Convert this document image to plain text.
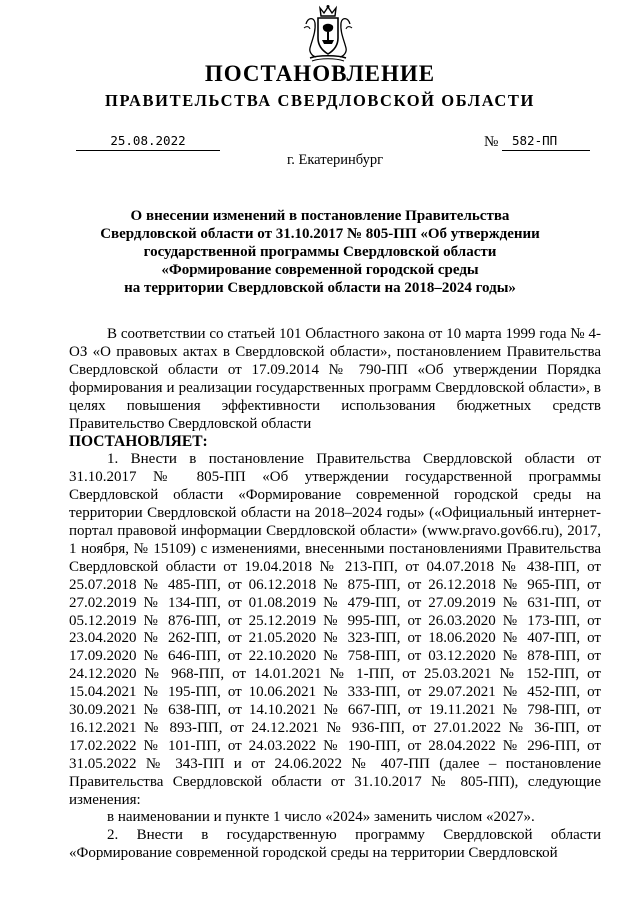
ПОСТАНОВЛЕНИЕ
ПРАВИТЕЛЬСТВА СВЕРДЛОВСКОЙ ОБЛАСТИ
25.08.2022	№	582-ПП
г. Екатеринбург
О внесении изменений в постановление Правительства
Свердловской области от 31.10.2017 № 805-ПП «Об утверждении
государственной программы Свердловской области
«Формирование современной городской среды
на территории Свердловской области на 2018–2024 годы»

В соответствии со статьей 101 Областного закона от 10 марта 1999 года № 4-ОЗ «О правовых актах в Свердловской области», постановлением Правительства Свердловской области от 17.09.2014 № 790-ПП «Об утверждении Порядка формирования и реализации государственных программ Свердловской области», в целях повышения эффективности использования бюджетных средств Правительство Свердловской области

ПОСТАНОВЛЯЕТ:

1. Внести в постановление Правительства Свердловской области от 31.10.2017 № 805-ПП «Об утверждении государственной программы Свердловской области «Формирование современной городской среды на территории Свердловской области на 2018–2024 годы» («Официальный интернет-портал правовой информации Свердловской области» (www.pravo.gov66.ru), 2017, 1 ноября, № 15109) с изменениями, внесенными постановлениями Правительства Свердловской области от 19.04.2018 № 213-ПП, от 04.07.2018 № 438-ПП, от 25.07.2018 № 485-ПП, от 06.12.2018 № 875-ПП, от 26.12.2018 № 965-ПП, от 27.02.2019 № 134-ПП, от 01.08.2019 № 479-ПП, от 27.09.2019 № 631-ПП, от 05.12.2019 № 876-ПП, от 25.12.2019 № 995-ПП, от 26.03.2020 № 173-ПП, от 23.04.2020 № 262-ПП, от 21.05.2020 № 323-ПП, от 18.06.2020 № 407-ПП, от 17.09.2020 № 646-ПП, от 22.10.2020 № 758-ПП, от 03.12.2020 № 878-ПП, от 24.12.2020 № 968-ПП, от 14.01.2021 № 1-ПП, от 25.03.2021 № 152-ПП, от 15.04.2021 № 195-ПП, от 10.06.2021 № 333-ПП, от 29.07.2021 № 452-ПП, от 30.09.2021 № 638-ПП, от 14.10.2021 № 667-ПП, от 19.11.2021 № 798-ПП, от 16.12.2021 № 893-ПП, от 24.12.2021 № 936-ПП, от 27.01.2022 № 36-ПП, от 17.02.2022 № 101-ПП, от 24.03.2022 № 190-ПП, от 28.04.2022 № 296-ПП, от 31.05.2022 № 343-ПП и от 24.06.2022 № 407-ПП (далее – постановление Правительства Свердловской области от 31.10.2017 № 805-ПП), следующие изменения:

в наименовании и пункте 1 число «2024» заменить числом «2027».

2. Внести в государственную программу Свердловской области «Формирование современной городской среды на территории Свердловской
